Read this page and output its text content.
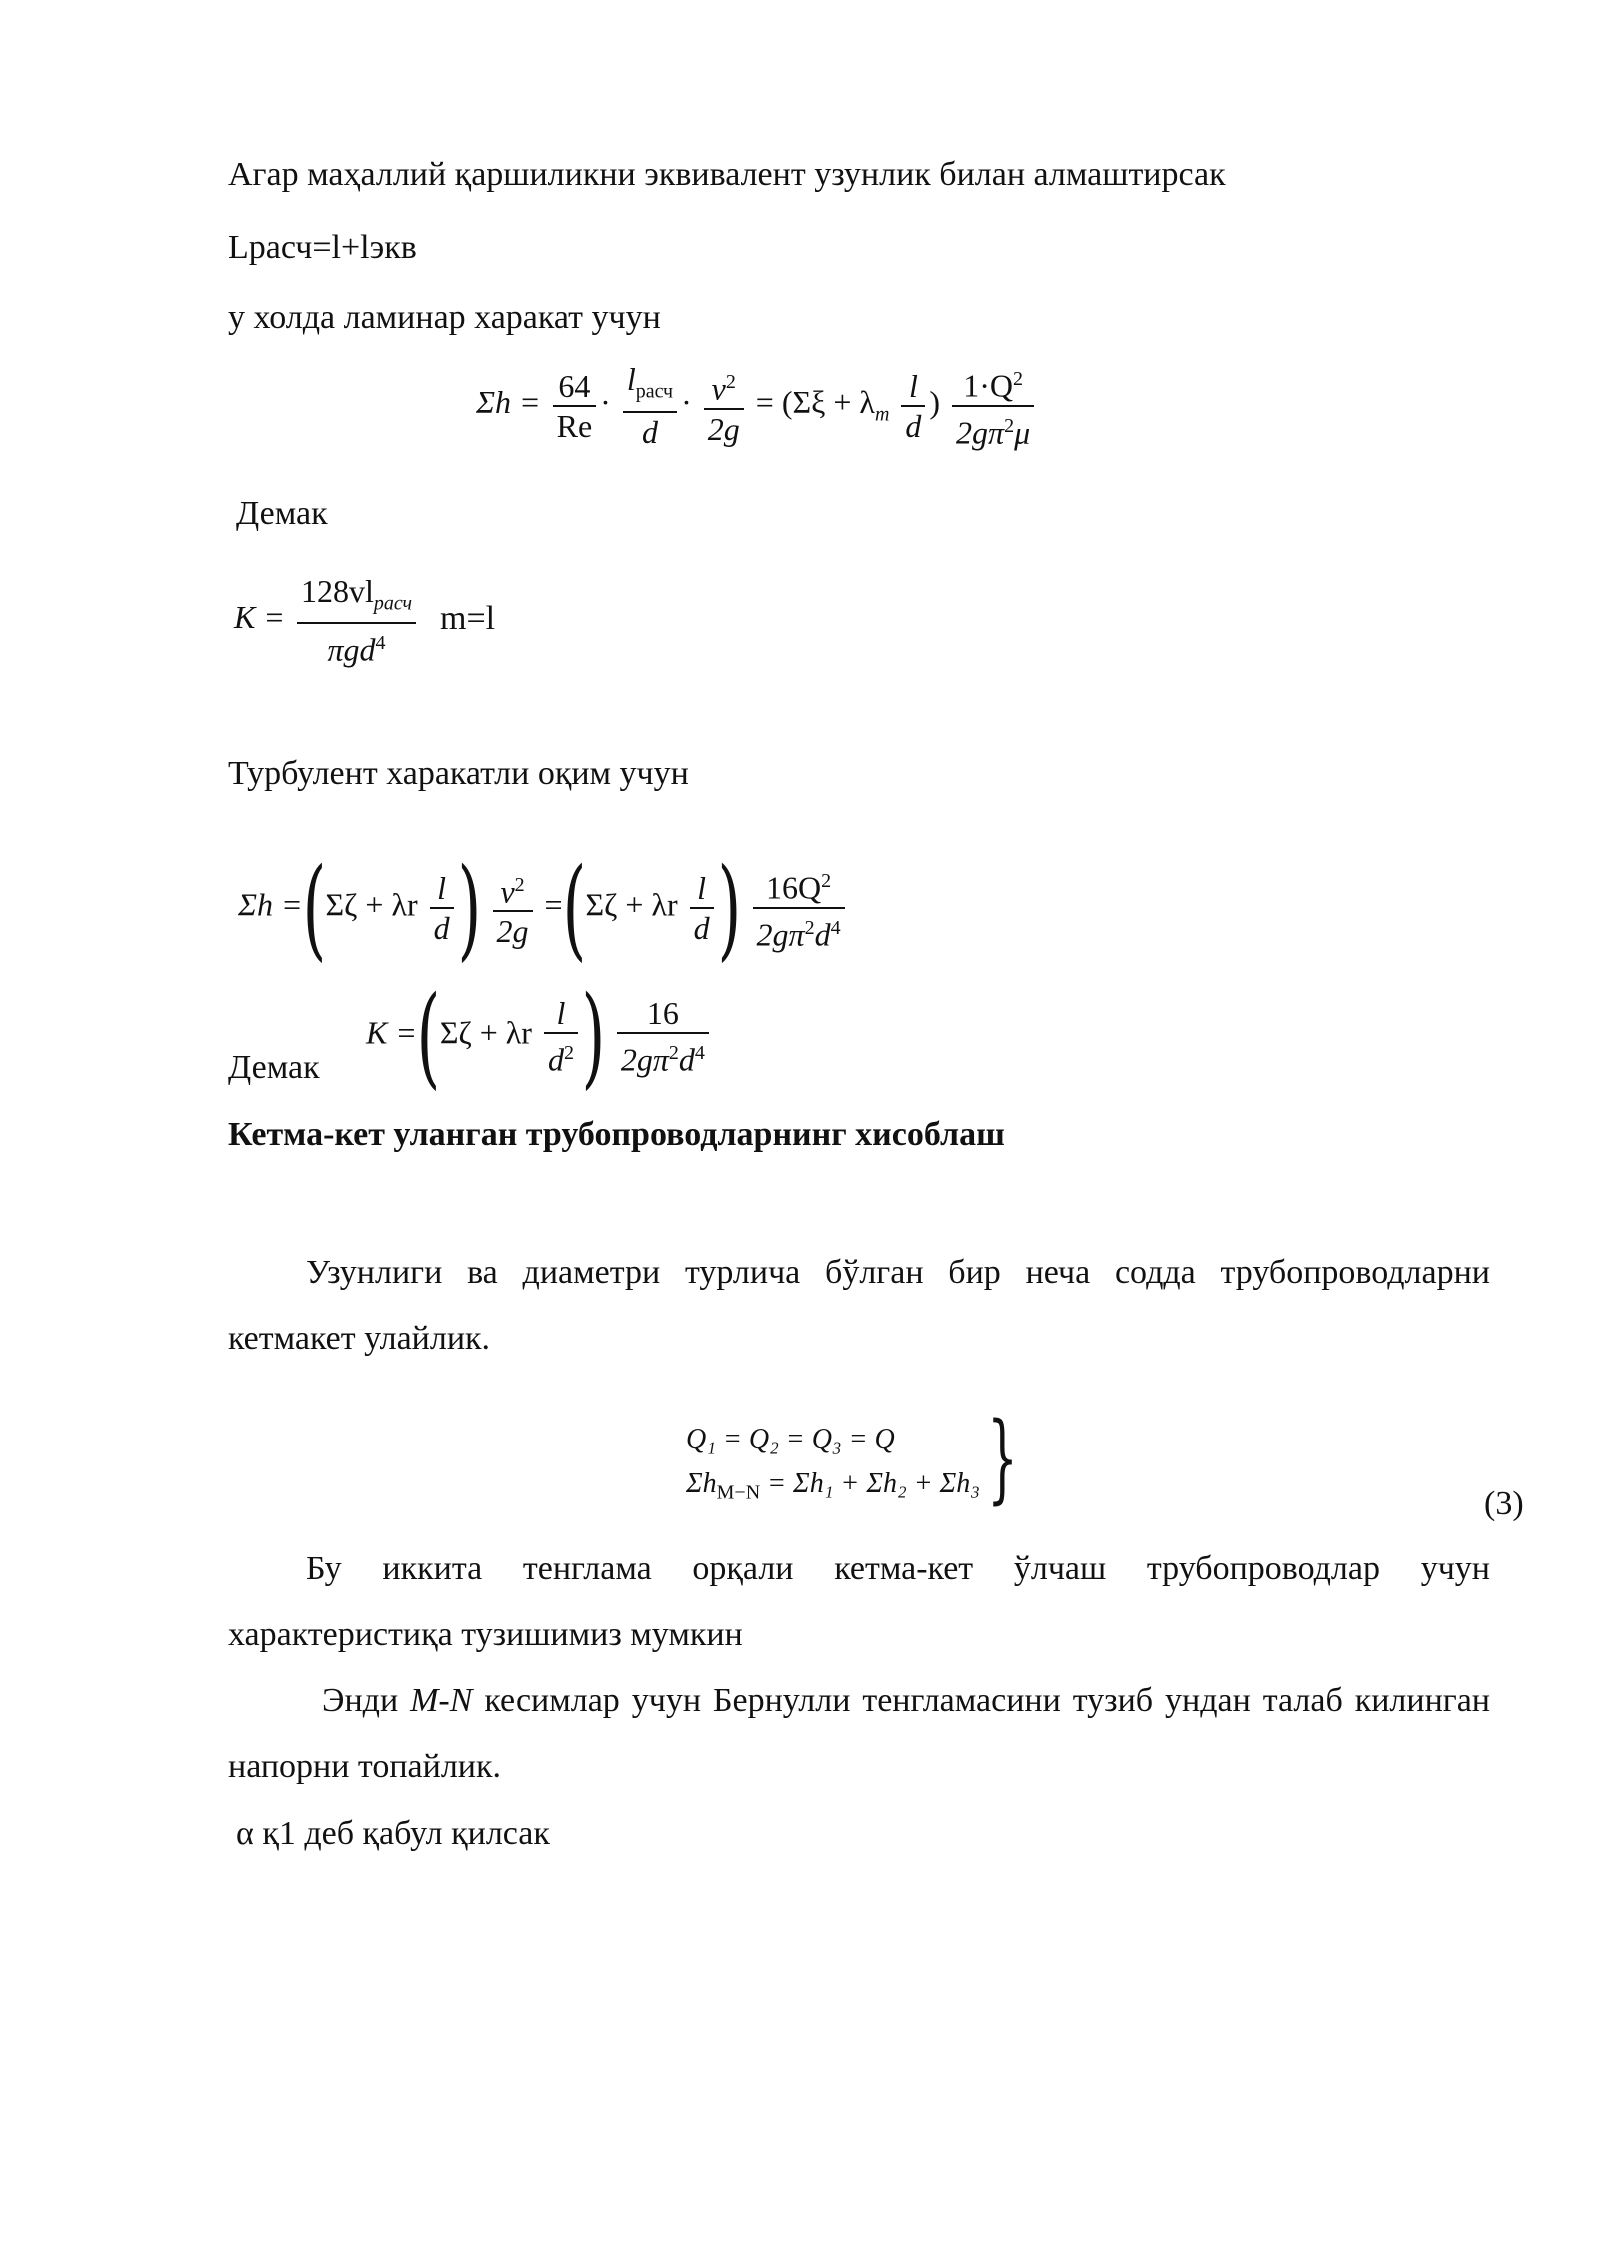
Агар маҳаллий қаршиликни эквивалент узунлик билан алмаштирсак
Lрасч=l+lэкв
у холда ламинар харакат учун
$\Sigma h = \frac{64}{Re} \cdot \frac{l_{расч}}{d} \cdot \frac{v^2}{2g} = (\Sigma\xi + \lambda_m \frac{l}{d}$ ) $\frac{1\cdot Q^2}{2g\pi^2\mu}$
Демак
$K = \frac{128vl_{расч}}{\pi gd^4} m=l$
Турбулент харакатли оқим учун
Σh =(Σζ + λr $\frac{l}{d}$ ) $\frac{v^2}{2g} =(\Sigma\zeta + \lambda r \frac{l}{d}$ ) $\frac{16Q^2}{2g\pi^2d^4}$
Демак
K =(Σζ + λr $\frac{l}{d^2}$ ) $\frac{16}{2g\pi^2d^4}$
Кетма-кет уланган трубопроводларнинг хисоблаш
Узунлиги ва диаметри турлича бўлган бир неча содда трубопроводларни кетмакет улайлик.
Q₁ = Q₂ = Q₃ = Q
$\Sigma h_{M-N} = \Sigma h_1 + \Sigma h_2 + \Sigma h_3$ }	(3)
Бу иккита тенглама орқали кетма-кет ўлчаш трубопроводлар учун характеристиқа тузишимиз мумкин
Энди M-N кесимлар учун Бернулли тенгламасини тузиб ундан талаб килинган напорни топайлик.
α қ1 деб қабул қилсак
